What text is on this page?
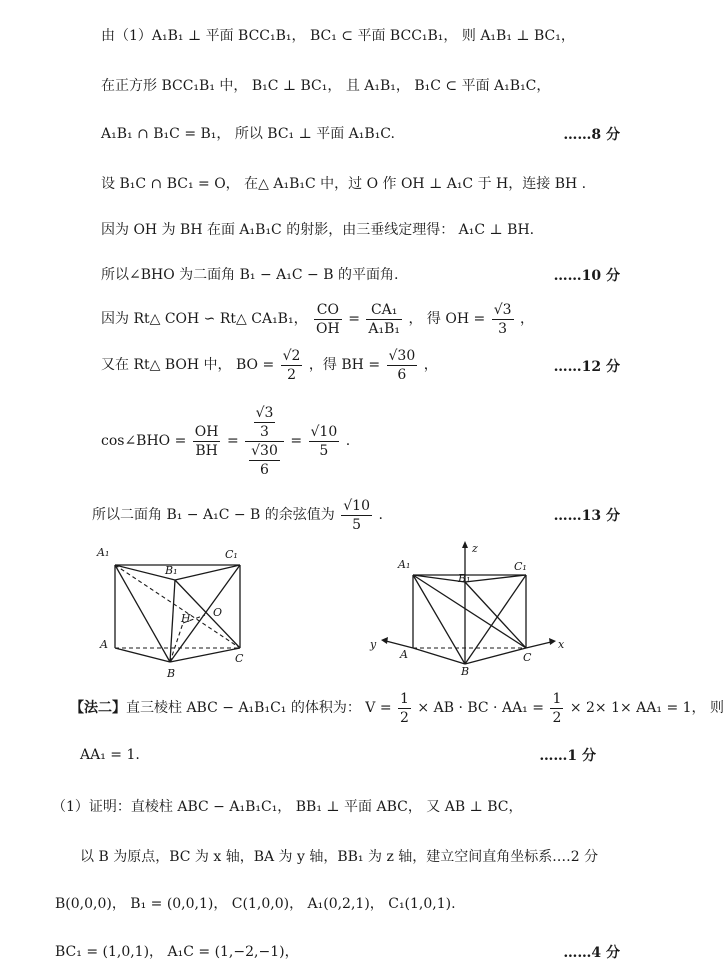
由（1）A₁B₁ ⊥ 平面 BCC₁B₁， BC₁ ⊂ 平面 BCC₁B₁， 则 A₁B₁ ⊥ BC₁，
在正方形 BCC₁B₁ 中， B₁C ⊥ BC₁， 且 A₁B₁， B₁C ⊂ 平面 A₁B₁C，
A₁B₁ ∩ B₁C = B₁， 所以 BC₁ ⊥ 平面 A₁B₁C.	……8 分
设 B₁C ∩ BC₁ = O， 在△ A₁B₁C 中，过 O 作 OH ⊥ A₁C 于 H，连接 BH .
因为 OH 为 BH 在面 A₁B₁C 的射影，由三垂线定理得： A₁C ⊥ BH.
所以∠BHO 为二面角 B₁ − A₁C − B 的平面角.	……10 分
因为 Rt△ COH ∽ Rt△ CA₁B₁， $\frac{CO}{OH} = \frac{\text{CA₁}}{\text{A₁B₁}}$ ， 得 OH = $\frac{√3}{3}$ ，
又在 Rt△ BOH 中， BO = $\frac{√2}{2}$ ，得 BH = $\frac{√30}{6}$ ，	……12 分
cos∠BHO = $\frac{OH}{BH} = \frac{\frac{√3}{3}}{\frac{√30}{6}} = \frac{√10}{5}$ .
所以二面角 B₁ − A₁C − B 的余弦值为 $\frac{√10}{5}$ .	……13 分
A₁
B₁
C₁
A
B
C
O
H
z
x
y
A₁
B₁
C₁
A
B
C
【法二】直三棱柱 ABC − A₁B₁C₁ 的体积为： $V = \frac{1}{2}$ × AB · BC · $AA_1 = \frac{1}{2} \times 2\times 1\times AA_1 = 1$， 则
AA₁ = 1.	……1 分
（1）证明：直棱柱 ABC − A₁B₁C₁， BB₁ ⊥ 平面 ABC， 又 AB ⊥ BC，
以 B 为原点，BC 为 x 轴，BA 为 y 轴，BB₁ 为 z 轴，建立空间直角坐标系.…2 分
B(0,0,0)， B₁ = (0,0,1)， C(1,0,0)， A₁(0,2,1)， C₁(1,0,1).
BC₁ = (1,0,1)， A₁C = (1,−2,−1)，	……4 分
